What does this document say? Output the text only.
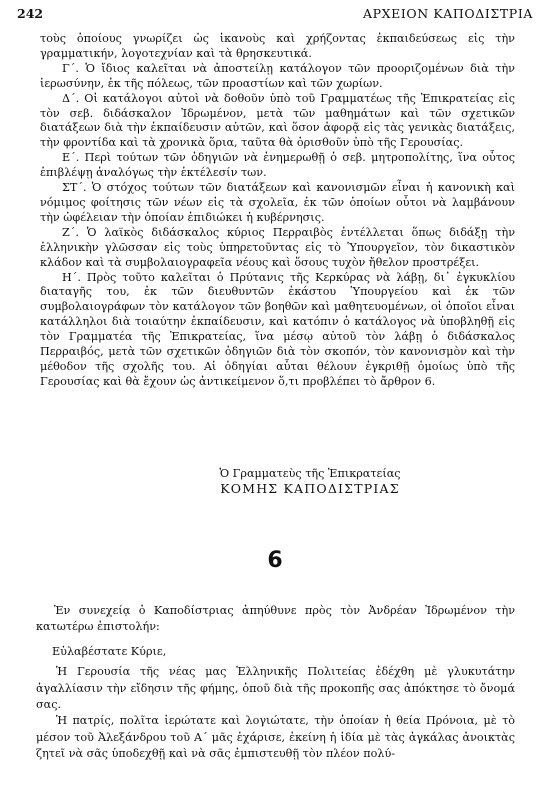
242	ΑΡΧΕΙΟΝ ΚΑΠΟΔΙΣΤΡΙΑ

τοὺς ὁποίους γνωρίζει ὡς ἱκανοὺς καὶ χρήζοντας ἐκπαιδεύσεως εἰς τὴν γραμματικήν, λογοτεχνίαν καὶ τὰ θρησκευτικά.

Γ΄. Ὁ ἴδιος καλεῖται νὰ ἀποστείλῃ κατάλογον τῶν προοριζομένων διὰ τὴν ἱερωσύνην, ἐκ τῆς πόλεως, τῶν προαστίων καὶ τῶν χωρίων.

Δ΄. Οἱ κατάλογοι αὐτοὶ νὰ δοθοῦν ὑπὸ τοῦ Γραμματέως τῆς Ἐπικρατείας εἰς τὸν σεβ. διδάσκαλον Ἰδρωμένον, μετὰ τῶν μαθημάτων καὶ τῶν σχετικῶν διατάξεων διὰ τὴν ἐκπαίδευσιν αὐτῶν, καὶ ὅσον ἀφορᾷ εἰς τὰς γενικὰς διατάξεις, τὴν φροντίδα καὶ τὰ χρονικὰ ὅρια, ταῦτα θὰ ὁρισθοῦν ὑπὸ τῆς Γερουσίας.

Ε΄. Περὶ τούτων τῶν ὁδηγιῶν νὰ ἐνημερωθῇ ὁ σεβ. μητροπολίτης, ἵνα οὗτος ἐπιβλέψῃ ἀναλόγως τὴν ἐκτέλεσίν των.

ΣΤ΄. Ὁ στόχος τούτων τῶν διατάξεων καὶ κανονισμῶν εἶναι ἡ κανονικὴ καὶ νόμιμος φοίτησις τῶν νέων εἰς τὰ σχολεῖα, ἐκ τῶν ὁποίων οὗτοι νὰ λαμβάνουν τὴν ὠφέλειαν τὴν ὁποίαν ἐπιδιώκει ἡ κυβέρνησις.

Ζ΄. Ὁ λαϊκὸς διδάσκαλος κύριος Περραιβὸς ἐντέλλεται ὅπως διδάξῃ τὴν ἑλληνικὴν γλῶσσαν εἰς τοὺς ὑπηρετοῦντας εἰς τὸ Ὑπουργεῖον, τὸν δικαστικὸν κλάδον καὶ τὰ συμβολαιογραφεῖα νέους καὶ ὅσους τυχὸν ἤθελον προστρέξει.

Η΄. Πρὸς τοῦτο καλεῖται ὁ Πρύτανις τῆς Κερκύρας νὰ λάβῃ, δι᾿ ἐγκυκλίου διαταγῆς του, ἐκ τῶν διευθυντῶν ἑκάστου Ὑπουργείου καὶ ἐκ τῶν συμβολαιογράφων τὸν κατάλογον τῶν βοηθῶν καὶ μαθητευομένων, οἱ ὁποῖοι εἶναι κατάλληλοι διὰ τοιαύτην ἐκπαίδευσιν, καὶ κατόπιν ὁ κατάλογος νὰ ὑποβληθῇ εἰς τὸν Γραμματέα τῆς Ἐπικρατείας, ἵνα μέσῳ αὐτοῦ τὸν λάβῃ ὁ διδάσκαλος Περραιβός, μετὰ τῶν σχετικῶν ὁδηγιῶν διὰ τὸν σκοπόν, τὸν κανονισμὸν καὶ τὴν μέθοδον τῆς σχολῆς του. Αἱ ὁδηγίαι αὗται θέλουν ἐγκριθῇ ὁμοίως ὑπὸ τῆς Γερουσίας καὶ θὰ ἔχουν ὡς ἀντικείμενον ὅ,τι προβλέπει τὸ ἄρθρον 6.

Ὁ Γραμματεὺς τῆς Ἐπικρατείας
ΚΟΜΗΣ ΚΑΠΟΔΙΣΤΡΙΑΣ
6

Ἐν συνεχείᾳ ὁ Καποδίστριας ἀπηύθυνε πρὸς τὸν Ἀνδρέαν Ἰδρωμένον τὴν κατωτέρω ἐπιστολήν:

Εὐλαβέστατε Κύριε,

Ἡ Γερουσία τῆς νέας μας Ἑλληνικῆς Πολιτείας ἐδέχθη μὲ γλυκυτάτην ἀγαλλίασιν τὴν εἴδησιν τῆς φήμης, ὁποῦ διὰ τῆς προκοπῆς σας ἀπόκτησε τὸ ὄνομά σας.

Ἡ πατρίς, πολῖτα ἱερώτατε καὶ λογιώτατε, τὴν ὁποίαν ἡ θεία Πρόνοια, μὲ τὸ μέσον τοῦ Ἀλεξάνδρου τοῦ Α΄ μᾶς ἐχάρισε, ἐκείνη ἡ ἰδία μὲ τὰς ἀγκάλας ἀνοικτὰς ζητεῖ νὰ σᾶς ὑποδεχθῇ καὶ νὰ σᾶς ἐμπιστευθῇ τὸν πλέον πολύ-
